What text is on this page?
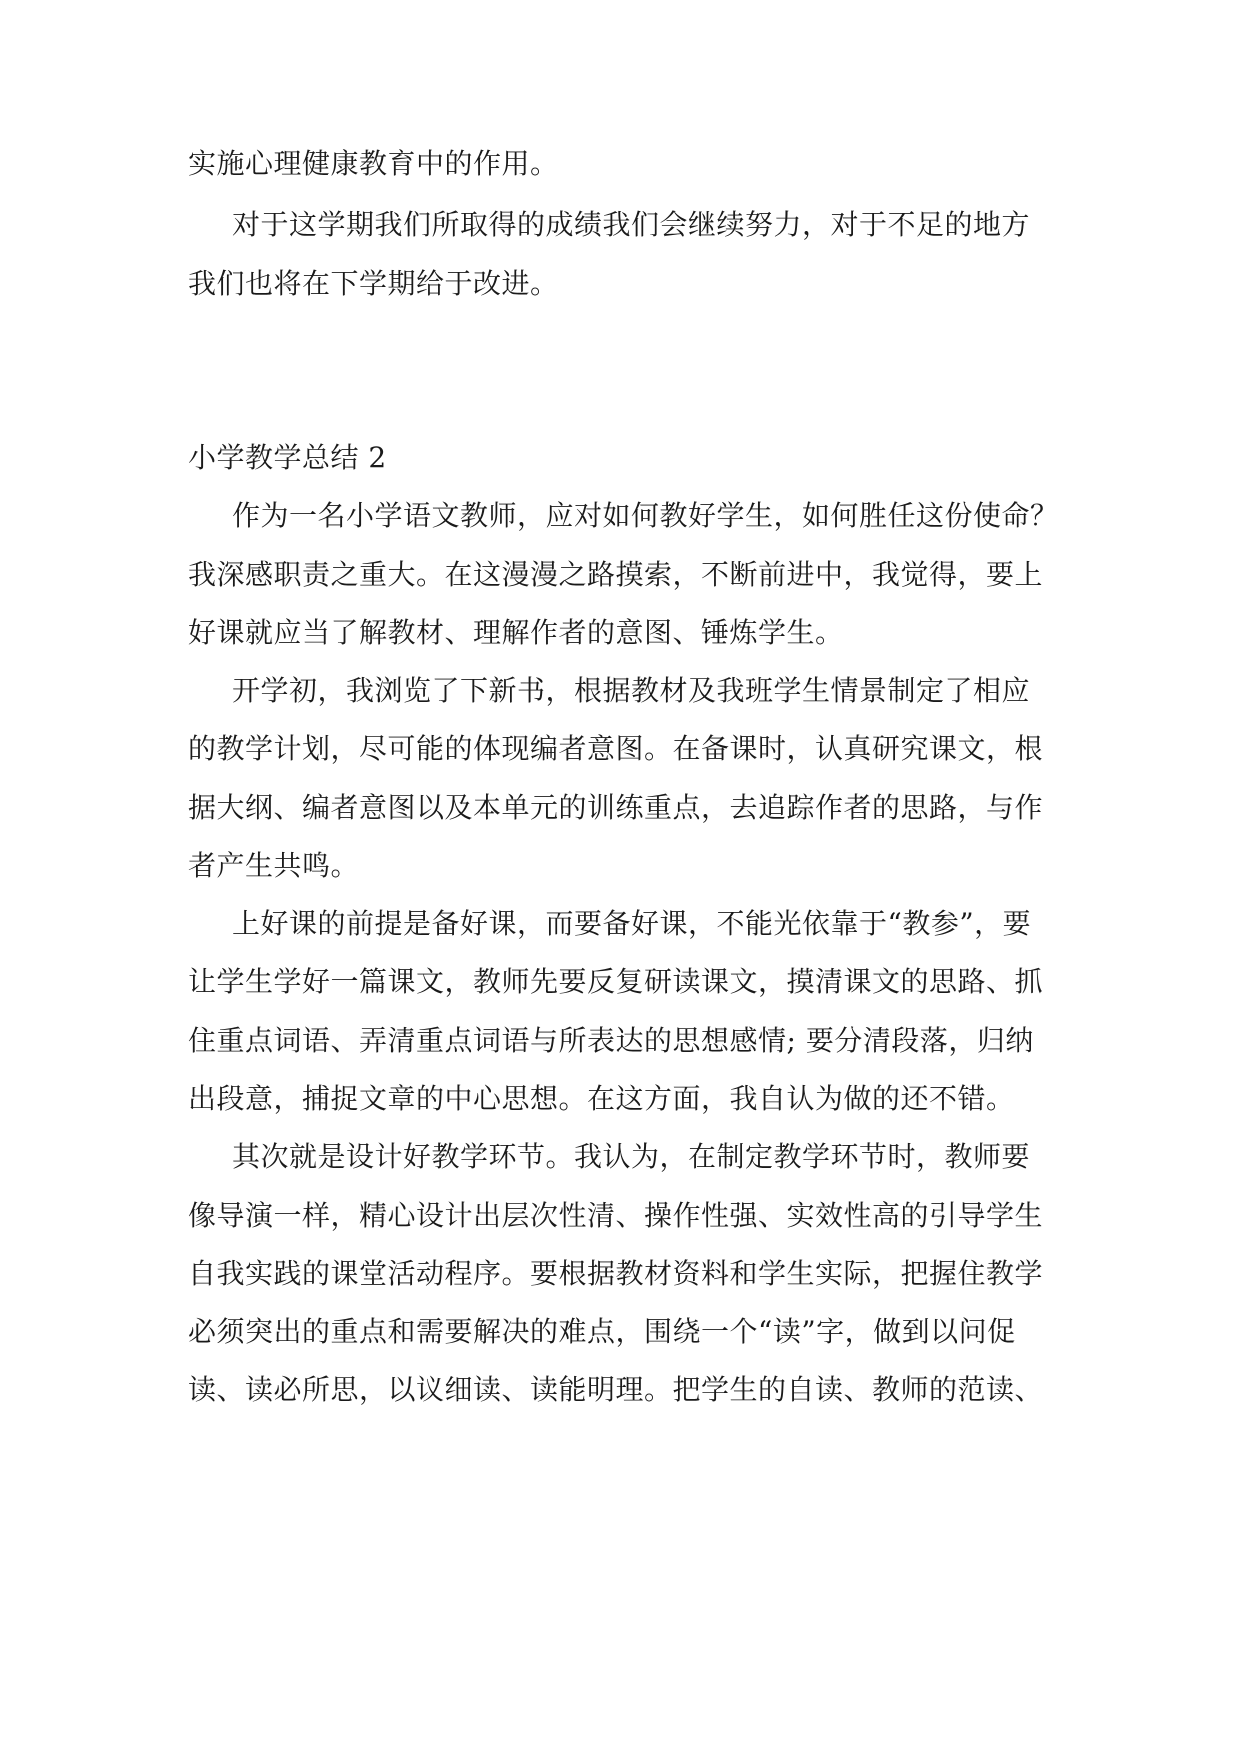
实施心理健康教育中的作用。
对于这学期我们所取得的成绩我们会继续努力，对于不足的地方
我们也将在下学期给于改进。
小学教学总结 2
作为一名小学语文教师，应对如何教好学生，如何胜任这份使命？
我深感职责之重大。在这漫漫之路摸索，不断前进中，我觉得，要上
好课就应当了解教材、理解作者的意图、锤炼学生。
开学初，我浏览了下新书，根据教材及我班学生情景制定了相应
的教学计划，尽可能的体现编者意图。在备课时，认真研究课文，根
据大纲、编者意图以及本单元的训练重点，去追踪作者的思路，与作
者产生共鸣。
上好课的前提是备好课，而要备好课，不能光依靠于“教参”，要
让学生学好一篇课文，教师先要反复研读课文，摸清课文的思路、抓
住重点词语、弄清重点词语与所表达的思想感情; 要分清段落，归纳
出段意，捕捉文章的中心思想。在这方面，我自认为做的还不错。
其次就是设计好教学环节。我认为，在制定教学环节时，教师要
像导演一样，精心设计出层次性清、操作性强、实效性高的引导学生
自我实践的课堂活动程序。要根据教材资料和学生实际，把握住教学
必须突出的重点和需要解决的难点，围绕一个“读”字，做到以问促
读、读必所思，以议细读、读能明理。把学生的自读、教师的范读、
